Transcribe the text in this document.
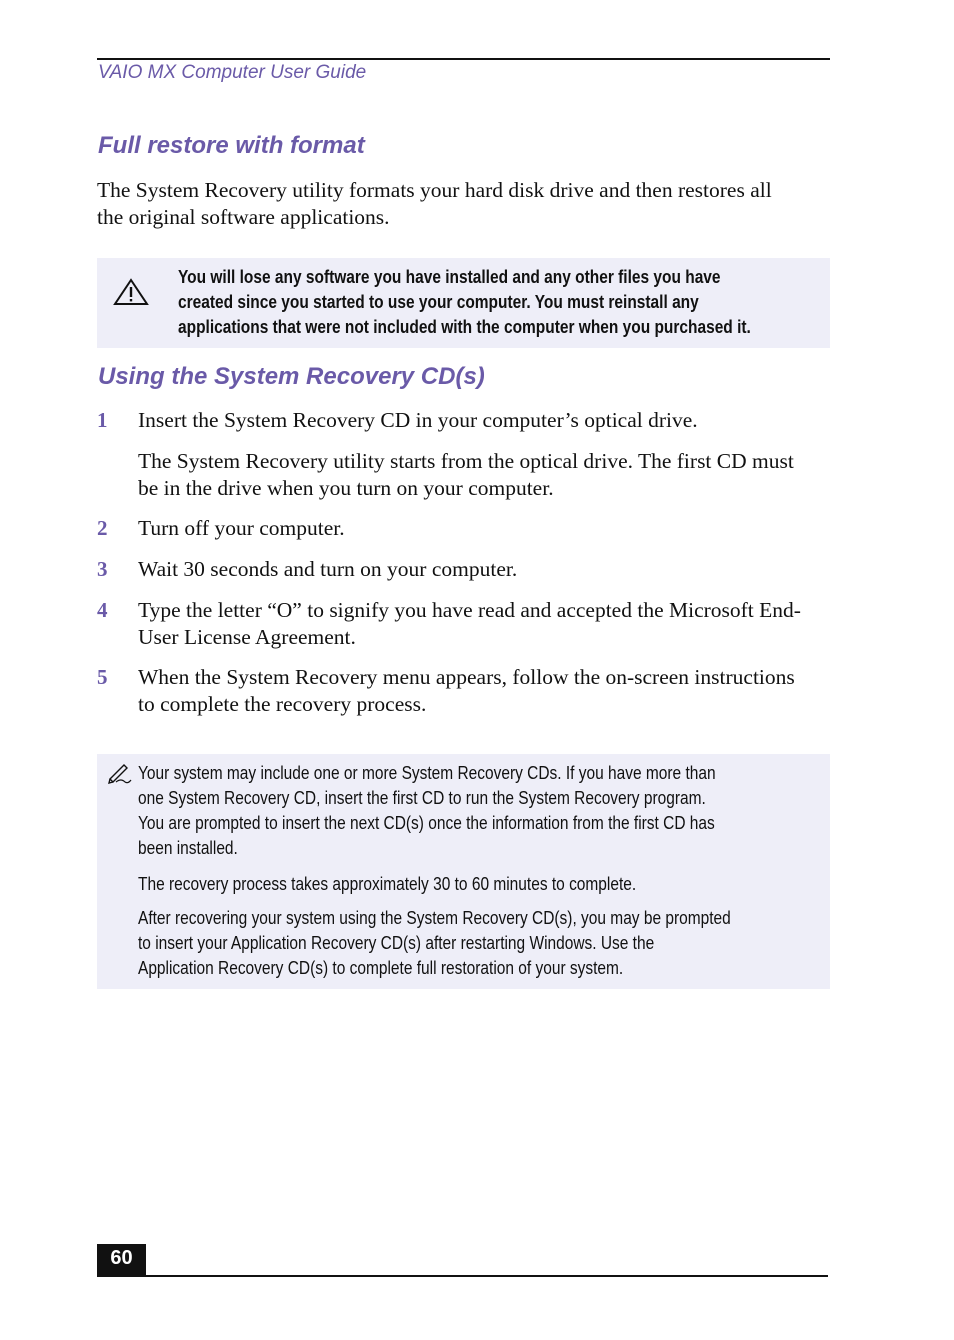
VAIO MX Computer User Guide
Full restore with format
The System Recovery utility formats your hard disk drive and then restores all
the original software applications.
You will lose any software you have installed and any other files you have
created since you started to use your computer. You must reinstall any
applications that were not included with the computer when you purchased it.
Using the System Recovery CD(s)
1 Insert the System Recovery CD in your computer’s optical drive.
The System Recovery utility starts from the optical drive. The first CD must
be in the drive when you turn on your computer.
2 Turn off your computer.
3 Wait 30 seconds and turn on your computer.
4 Type the letter “O” to signify you have read and accepted the Microsoft End-
User License Agreement.
5 When the System Recovery menu appears, follow the on-screen instructions
to complete the recovery process.
Your system may include one or more System Recovery CDs. If you have more than
one System Recovery CD, insert the first CD to run the System Recovery program.
You are prompted to insert the next CD(s) once the information from the first CD has
been installed.
The recovery process takes approximately 30 to 60 minutes to complete.
After recovering your system using the System Recovery CD(s), you may be prompted
to insert your Application Recovery CD(s) after restarting Windows. Use the
Application Recovery CD(s) to complete full restoration of your system.
60
